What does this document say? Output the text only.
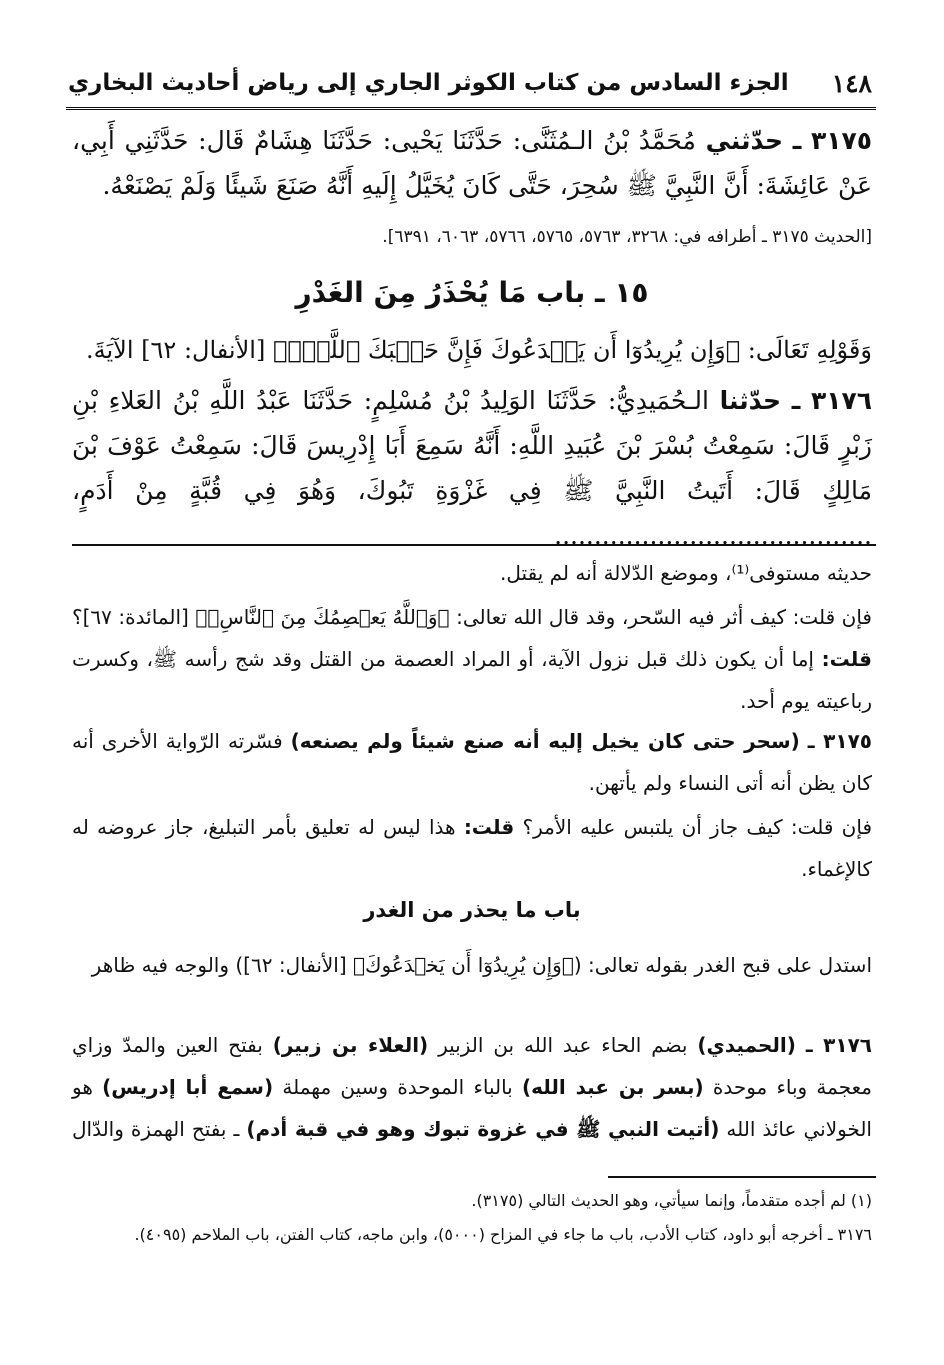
١٤٨
الجزء السادس من كتاب الكوثر الجاري إلى رياض أحاديث البخاري
٣١٧٥ ـ حدّثني مُحَمَّدُ بْنُ الـمُثَنَّى: حَدَّثَنَا يَحْيى: حَدَّثَنَا هِشَامٌ قَال: حَدَّثَنِي أَبِي، عَنْ عَائِشَةَ: أَنَّ النَّبِيَّ ﷺ سُحِرَ، حَتَّى كَانَ يُخَيَّلُ إِلَيهِ أَنَّهُ صَنَعَ شَيئًا وَلَمْ يَصْنَعْهُ.
[الحديث ٣١٧٥ ـ أطرافه في: ٣٢٦٨، ٥٧٦٣، ٥٧٦٥، ٥٧٦٦، ٦٠٦٣، ٦٣٩١].
١٥ ـ باب مَا يُحْذَرُ مِنَ الغَدْرِ
وَقَوْلِهِ تَعَالَى: ﴿وَإِن يُرِيدُوٓا أَن يَخۡدَعُوكَ فَإِنَّ حَسۡبَكَ ٱللَّهُۚ﴾ [الأنفال: ٦٢] الآيَةَ.
٣١٧٦ ـ حدّثنا الـحُمَيدِيُّ: حَدَّثَنَا الوَلِيدُ بْنُ مُسْلِمٍ: حَدَّثَنَا عَبْدُ اللَّهِ بْنُ العَلاءِ بْنِ زَبْرٍ قَالَ: سَمِعْتُ بُسْرَ بْنَ عُبَيدِ اللَّهِ: أَنَّهُ سَمِعَ أَبَا إِدْرِيسَ قَالَ: سَمِعْتُ عَوْفَ بْنَ مَالِكٍ قَالَ: أَتَيتُ النَّبِيَّ ﷺ فِي غَزْوَةِ تَبُوكَ، وَهُوَ فِي قُبَّةٍ مِنْ أَدَمٍ، ........................................
حديثه مستوفى⁽¹⁾، وموضع الدّلالة أنه لم يقتل.
فإن قلت: كيف أثر فيه السّحر، وقد قال الله تعالى: ﴿وَٱللَّهُ يَعۡصِمُكَ مِنَ ٱلنَّاسِۗ﴾ [المائدة: ٦٧]؟ قلت: إما أن يكون ذلك قبل نزول الآية، أو المراد العصمة من القتل وقد شج رأسه ﷺ، وكسرت رباعيته يوم أحد.
٣١٧٥ ـ (سحر حتى كان يخيل إليه أنه صنع شيئاً ولم يصنعه) فسّرته الرّواية الأخرى أنه كان يظن أنه أتى النساء ولم يأتهن.
فإن قلت: كيف جاز أن يلتبس عليه الأمر؟ قلت: هذا ليس له تعليق بأمر التبليغ، جاز عروضه له كالإغماء.
باب ما يحذر من الغدر
استدل على قبح الغدر بقوله تعالى: (﴿وَإِن يُرِيدُوٓا أَن يَخۡدَعُوكَ﴾ [الأنفال: ٦٢]) والوجه فيه ظاهر
٣١٧٦ ـ (الحميدي) بضم الحاء عبد الله بن الزبير (العلاء بن زبير) بفتح العين والمدّ وزاي معجمة وباء موحدة (بسر بن عبد الله) بالباء الموحدة وسين مهملة (سمع أبا إدريس) هو الخولاني عائذ الله (أتيت النبي ﷺ في غزوة تبوك وهو في قبة أدم) ـ بفتح الهمزة والدّال ـ
(١) لم أجده متقدماً، وإنما سيأتي، وهو الحديث التالي (٣١٧٥).
٣١٧٦ ـ أخرجه أبو داود، كتاب الأدب، باب ما جاء في المزاح (٥٠٠٠)، وابن ماجه، كتاب الفتن، باب الملاحم (٤٠٩٥).
